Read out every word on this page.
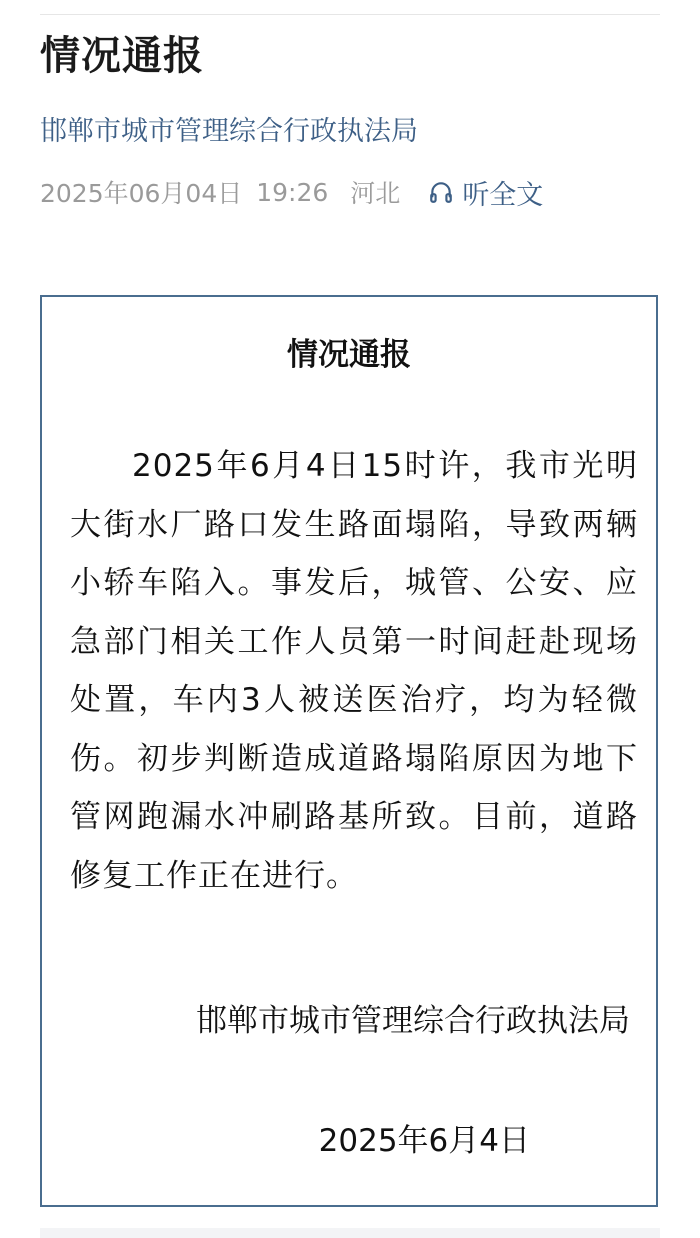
情况通报
邯郸市城市管理综合行政执法局
2025年06月04日 19:26 河北 听全文
情况通报
2025年6月4日15时许，我市光明大街水厂路口发生路面塌陷，导致两辆小轿车陷入。事发后，城管、公安、应急部门相关工作人员第一时间赶赴现场处置，车内3人被送医治疗，均为轻微伤。初步判断造成道路塌陷原因为地下管网跑漏水冲刷路基所致。目前，道路修复工作正在进行。
邯郸市城市管理综合行政执法局
2025年6月4日
